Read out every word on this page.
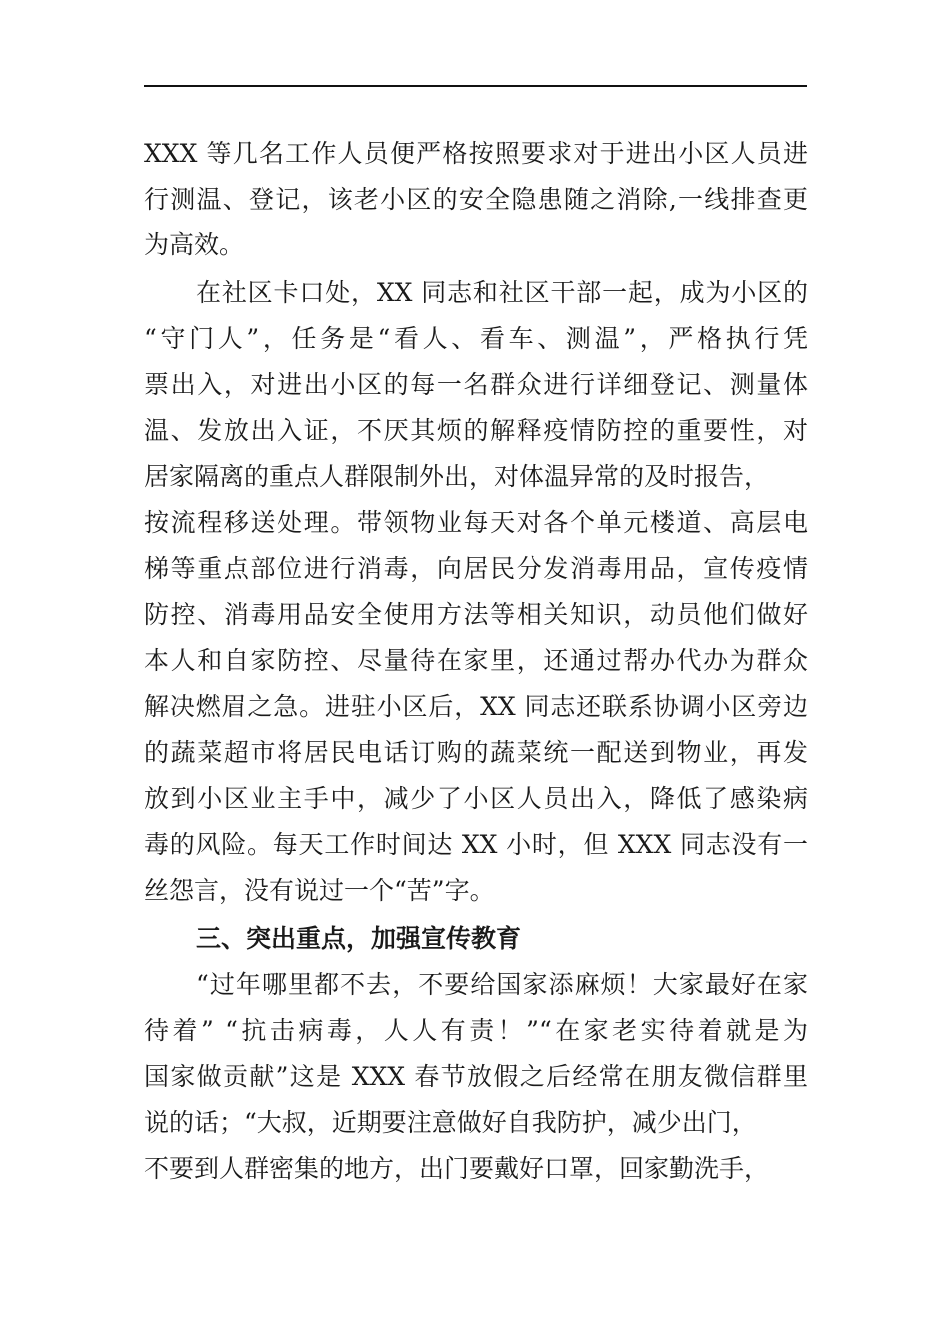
XXX 等几名工作人员便严格按照要求对于进出小区人员进
行测温、登记，该老小区的安全隐患随之消除,一线排查更
为高效。
在社区卡口处，XX 同志和社区干部一起，成为小区的
“守门人”，任务是“看人、看车、测温”，严格执行凭
票出入，对进出小区的每一名群众进行详细登记、测量体
温、发放出入证，不厌其烦的解释疫情防控的重要性，对
居家隔离的重点人群限制外出，对体温异常的及时报告，
按流程移送处理。带领物业每天对各个单元楼道、高层电
梯等重点部位进行消毒，向居民分发消毒用品，宣传疫情
防控、消毒用品安全使用方法等相关知识，动员他们做好
本人和自家防控、尽量待在家里，还通过帮办代办为群众
解决燃眉之急。进驻小区后，XX 同志还联系协调小区旁边
的蔬菜超市将居民电话订购的蔬菜统一配送到物业，再发
放到小区业主手中，减少了小区人员出入，降低了感染病
毒的风险。每天工作时间达 XX 小时，但 XXX 同志没有一
丝怨言，没有说过一个“苦”字。
三、突出重点，加强宣传教育
“过年哪里都不去，不要给国家添麻烦！大家最好在家
待着” “抗击病毒，人人有责！”“在家老实待着就是为
国家做贡献”这是 XXX 春节放假之后经常在朋友微信群里
说的话；“大叔，近期要注意做好自我防护，减少出门，
不要到人群密集的地方，出门要戴好口罩，回家勤洗手，
